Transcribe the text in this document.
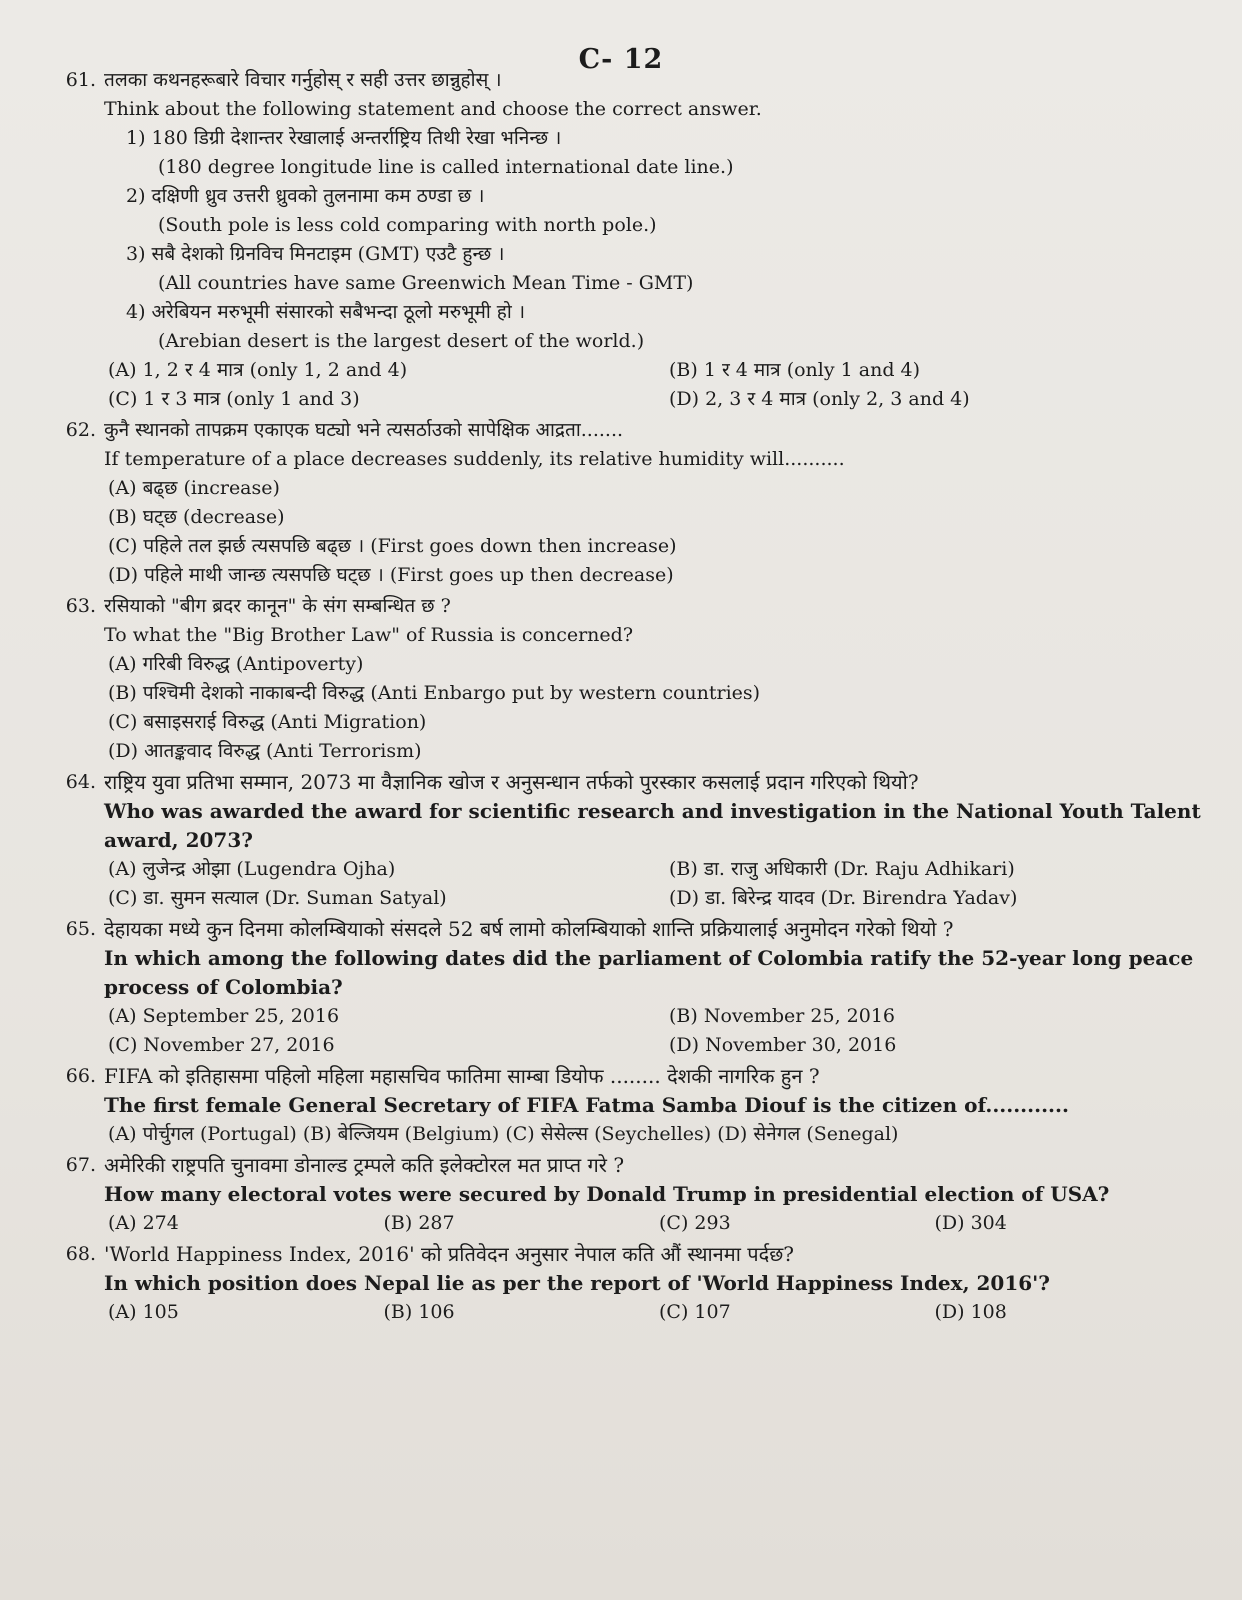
C- 12
61. तलका कथनहरूबारे विचार गर्नुहोस् र सही उत्तर छान्नुहोस् ।
Think about the following statement and choose the correct answer.
1) 180 डिग्री देशान्तर रेखालाई अन्तर्राष्ट्रिय तिथी रेखा भनिन्छ ।
(180 degree longitude line is called international date line.)
2) दक्षिणी ध्रुव उत्तरी ध्रुवको तुलनामा कम ठण्डा छ ।
(South pole is less cold comparing with north pole.)
3) सबै देशको ग्रिनविच मिनटाइम (GMT) एउटै हुन्छ ।
(All countries have same Greenwich Mean Time - GMT)
4) अरेबियन मरुभूमी संसारको सबैभन्दा ठूलो मरुभूमी हो ।
(Arebian desert is the largest desert of the world.)
(A) 1, 2 र 4 मात्र (only 1, 2 and 4)	(B) 1 र 4 मात्र (only 1 and 4)
(C) 1 र 3 मात्र (only 1 and 3)	(D) 2, 3 र 4 मात्र (only 2, 3 and 4)
62. कुनै स्थानको तापक्रम एकाएक घट्यो भने त्यसर्ठाउको सापेक्षिक आद्रता.......
If temperature of a place decreases suddenly, its relative humidity will..........
(A) बढ्छ (increase)
(B) घट्छ (decrease)
(C) पहिले तल झर्छ त्यसपछि बढ्छ । (First goes down then increase)
(D) पहिले माथी जान्छ त्यसपछि घट्छ । (First goes up then decrease)
63. रसियाको "बीग ब्रदर कानून" के संग सम्बन्धित छ ?
To what the "Big Brother Law" of Russia is concerned?
(A) गरिबी विरुद्ध (Antipoverty)
(B) पश्चिमी देशको नाकाबन्दी विरुद्ध (Anti Enbargo put by western countries)
(C) बसाइसराई विरुद्ध (Anti Migration)
(D) आतङ्कवाद विरुद्ध (Anti Terrorism)
64. राष्ट्रिय युवा प्रतिभा सम्मान, 2073 मा वैज्ञानिक खोज र अनुसन्धान तर्फको पुरस्कार कसलाई प्रदान गरिएको थियो?
Who was awarded the award for scientific research and investigation in the National Youth Talent award, 2073?
(A) लुजेन्द्र ओझा (Lugendra Ojha)	(B) डा. राजु अधिकारी (Dr. Raju Adhikari)
(C) डा. सुमन सत्याल (Dr. Suman Satyal)	(D) डा. बिरेन्द्र यादव (Dr. Birendra Yadav)
65. देहायका मध्ये कुन दिनमा कोलम्बियाको संसदले 52 बर्ष लामो कोलम्बियाको शान्ति प्रक्रियालाई अनुमोदन गरेको थियो ?
In which among the following dates did the parliament of Colombia ratify the 52-year long peace process of Colombia?
(A) September 25, 2016	(B) November 25, 2016
(C) November 27, 2016	(D) November 30, 2016
66. FIFA को इतिहासमा पहिलो महिला महासचिव फातिमा साम्बा डियोफ ........ देशकी नागरिक हुन ?
The first female General Secretary of FIFA Fatma Samba Diouf is the citizen of............
(A) पोर्चुगल (Portugal) (B) बेल्जियम (Belgium) (C) सेसेल्स (Seychelles) (D) सेनेगल (Senegal)
67. अमेरिकी राष्ट्रपति चुनावमा डोनाल्ड ट्रम्पले कति इलेक्टोरल मत प्राप्त गरे ?
How many electoral votes were secured by Donald Trump in presidential election of USA?
(A) 274	(B) 287	(C) 293	(D) 304
68. 'World Happiness Index, 2016' को प्रतिवेदन अनुसार नेपाल कति औं स्थानमा पर्दछ?
In which position does Nepal lie as per the report of 'World Happiness Index, 2016'?
(A) 105	(B) 106	(C) 107	(D) 108
